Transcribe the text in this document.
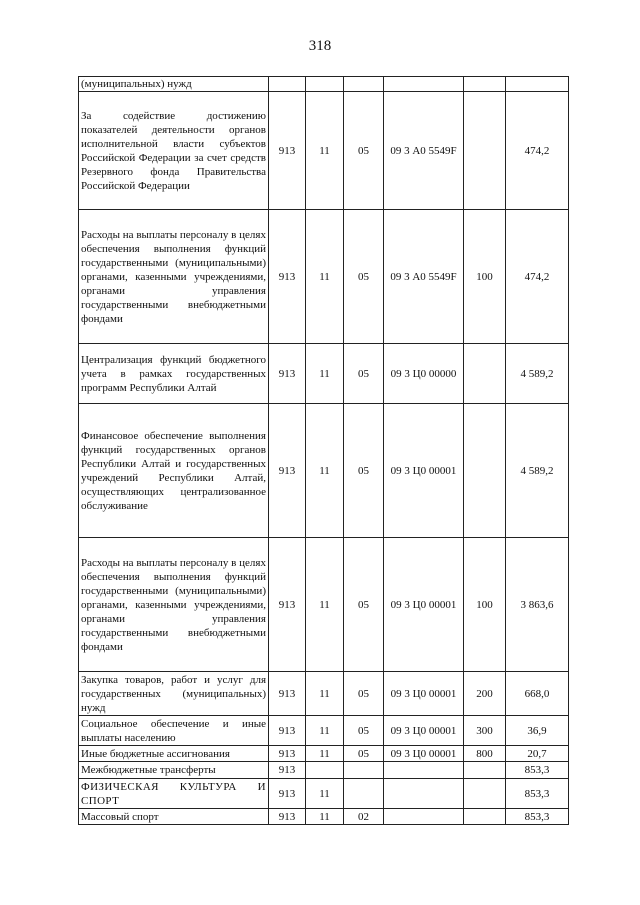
318
(муниципальных) нужд						
За содействие достижению показателей деятельности органов исполнительной власти субъектов Российской Федерации за счет средств Резервного фонда Правительства Российской Федерации	913	11	05	09 3 А0 5549F		474,2
Расходы на выплаты персоналу в целях обеспечения выполнения функций государственными (муниципальными) органами, казенными учреждениями, органами управления государственными внебюджетными фондами	913	11	05	09 3 А0 5549F	100	474,2
Централизация функций бюджетного учета в рамках государственных программ Республики Алтай	913	11	05	09 3 Ц0 00000		4 589,2
Финансовое обеспечение выполнения функций государственных органов Республики Алтай и государственных учреждений Республики Алтай, осуществляющих централизованное обслуживание	913	11	05	09 3 Ц0 00001		4 589,2
Расходы на выплаты персоналу в целях обеспечения выполнения функций государственными (муниципальными) органами, казенными учреждениями, органами управления государственными внебюджетными фондами	913	11	05	09 3 Ц0 00001	100	3 863,6
Закупка товаров, работ и услуг для государственных (муниципальных) нужд	913	11	05	09 3 Ц0 00001	200	668,0
Социальное обеспечение и иные выплаты населению	913	11	05	09 3 Ц0 00001	300	36,9
Иные бюджетные ассигнования	913	11	05	09 3 Ц0 00001	800	20,7
Межбюджетные трансферты	913					853,3
ФИЗИЧЕСКАЯ КУЛЬТУРА И СПОРТ	913	11				853,3
Массовый спорт	913	11	02			853,3
